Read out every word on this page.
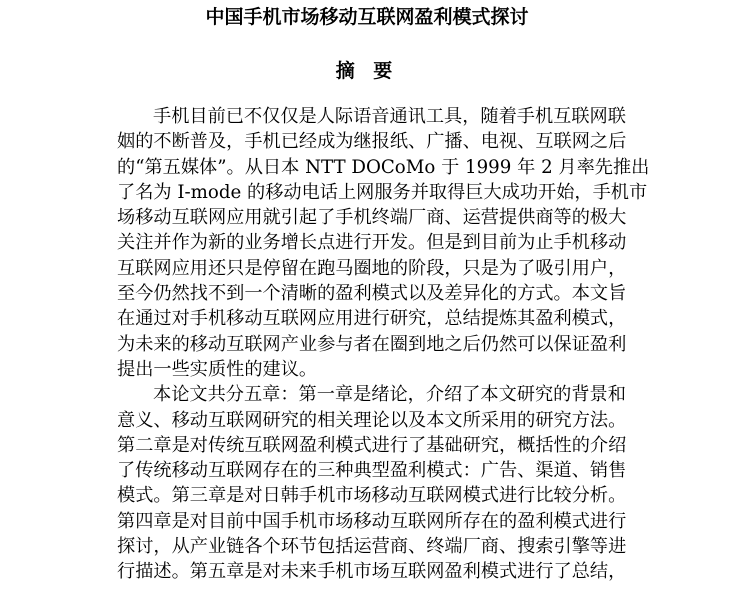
中国手机市场移动互联网盈利模式探讨
摘 要
手机目前已不仅仅是人际语音通讯工具，随着手机互联网联
姻的不断普及，手机已经成为继报纸、广播、电视、互联网之后
的“第五媒体”。从日本 NTT DOCoMo 于 1999 年 2 月率先推出
了名为 I-mode 的移动电话上网服务并取得巨大成功开始，手机市
场移动互联网应用就引起了手机终端厂商、运营提供商等的极大
关注并作为新的业务增长点进行开发。但是到目前为止手机移动
互联网应用还只是停留在跑马圈地的阶段，只是为了吸引用户，
至今仍然找不到一个清晰的盈利模式以及差异化的方式。本文旨
在通过对手机移动互联网应用进行研究，总结提炼其盈利模式，
为未来的移动互联网产业参与者在圈到地之后仍然可以保证盈利
提出一些实质性的建议。
本论文共分五章：第一章是绪论，介绍了本文研究的背景和
意义、移动互联网研究的相关理论以及本文所采用的研究方法。
第二章是对传统互联网盈利模式进行了基础研究，概括性的介绍
了传统移动互联网存在的三种典型盈利模式：广告、渠道、销售
模式。第三章是对日韩手机市场移动互联网模式进行比较分析。
第四章是对目前中国手机市场移动互联网所存在的盈利模式进行
探讨，从产业链各个环节包括运营商、终端厂商、搜索引擎等进
行描述。第五章是对未来手机市场互联网盈利模式进行了总结，
